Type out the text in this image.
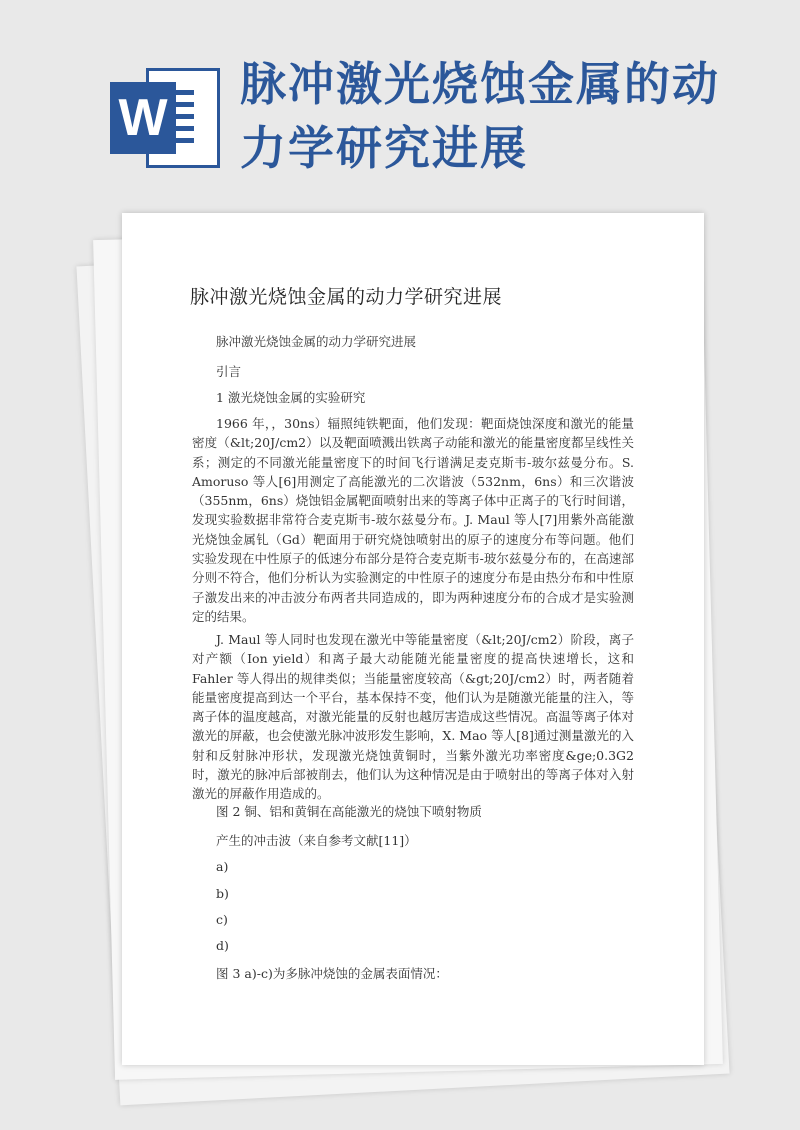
W
脉冲激光烧蚀金属的动力学研究进展
脉冲激光烧蚀金属的动力学研究进展
脉冲激光烧蚀金属的动力学研究进展
引言
1 激光烧蚀金属的实验研究

1966 年，，30ns）辐照纯铁靶面，他们发现：靶面烧蚀深度和激光的能量密度（&lt;20J/cm2）以及靶面喷溅出铁离子动能和激光的能量密度都呈线性关系；测定的不同激光能量密度下的时间飞行谱满足麦克斯韦-玻尔兹曼分布。S. Amoruso 等人[6]用测定了高能激光的二次谐波（532nm，6ns）和三次谐波（355nm，6ns）烧蚀铝金属靶面喷射出来的等离子体中正离子的飞行时间谱，发现实验数据非常符合麦克斯韦-玻尔兹曼分布。J. Maul 等人[7]用紫外高能激光烧蚀金属钆（Gd）靶面用于研究烧蚀喷射出的原子的速度分布等问题。他们实验发现在中性原子的低速分布部分是符合麦克斯韦-玻尔兹曼分布的，在高速部分则不符合，他们分析认为实验测定的中性原子的速度分布是由热分布和中性原子激发出来的冲击波分布两者共同造成的，即为两种速度分布的合成才是实验测定的结果。

J. Maul 等人同时也发现在激光中等能量密度（&lt;20J/cm2）阶段，离子对产额（Ion yield）和离子最大动能随光能量密度的提高快速增长，这和 Fahler 等人得出的规律类似；当能量密度较高（&gt;20J/cm2）时，两者随着能量密度提高到达一个平台，基本保持不变，他们认为是随激光能量的注入，等离子体的温度越高，对激光能量的反射也越厉害造成这些情况。高温等离子体对激光的屏蔽，也会使激光脉冲波形发生影响，X. Mao 等人[8]通过测量激光的入射和反射脉冲形状，发现激光烧蚀黄铜时，当紫外激光功率密度&ge;0.3G2 时，激光的脉冲后部被削去，他们认为这种情况是由于喷射出的等离子体对入射激光的屏蔽作用造成的。

图 2 铜、铝和黄铜在高能激光的烧蚀下喷射物质
产生的冲击波（来自参考文献[11]）
a)
b)
c)
d)
图 3 a)-c)为多脉冲烧蚀的金属表面情况：
